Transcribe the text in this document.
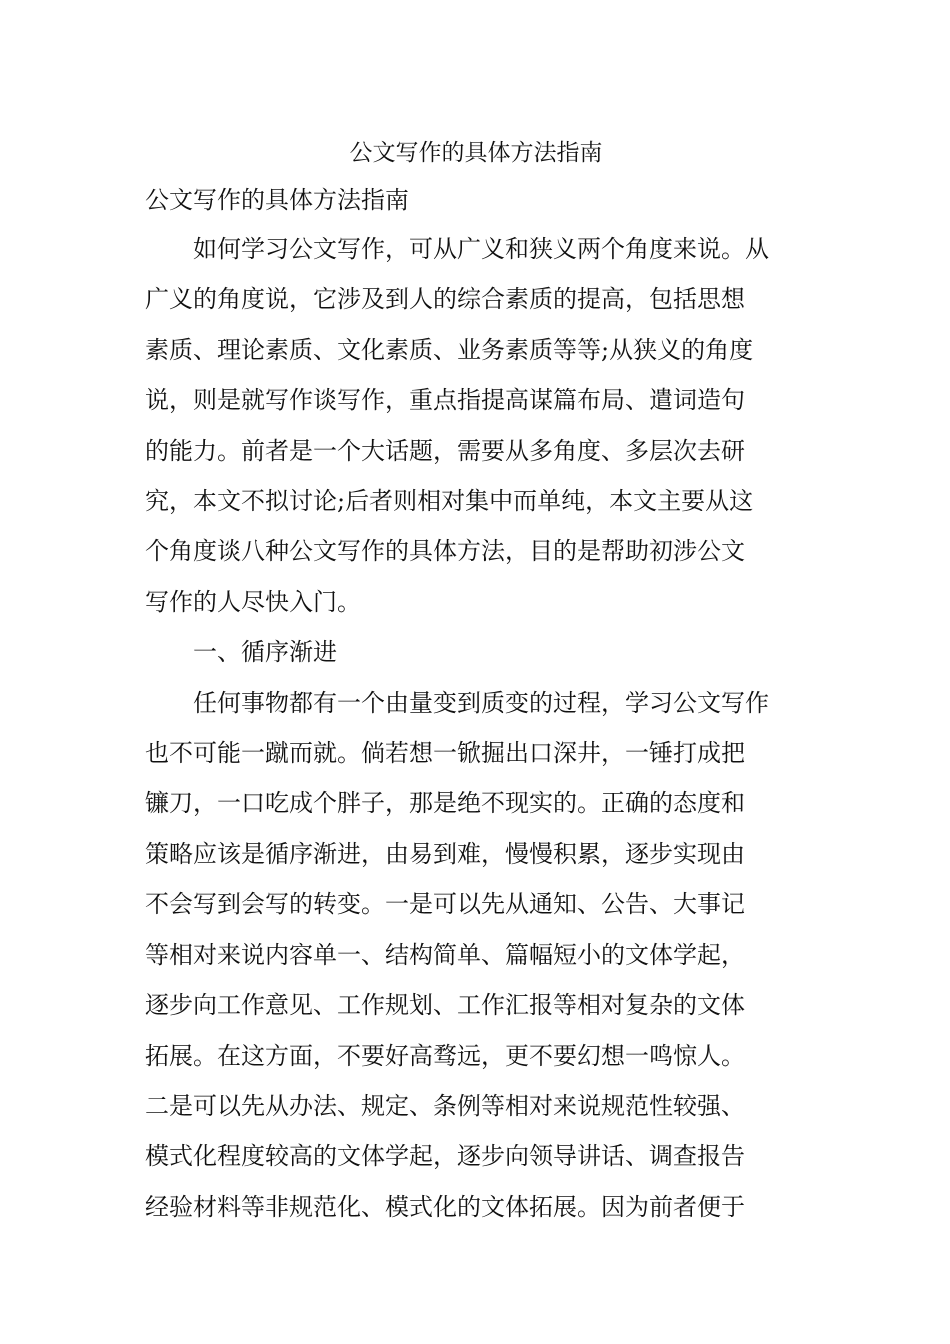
公文写作的具体方法指南
公文写作的具体方法指南

如何学习公文写作，可从广义和狭义两个角度来说。从
广义的角度说，它涉及到人的综合素质的提高，包括思想
素质、理论素质、文化素质、业务素质等等;从狭义的角度
说，则是就写作谈写作，重点指提高谋篇布局、遣词造句
的能力。前者是一个大话题，需要从多角度、多层次去研
究，本文不拟讨论;后者则相对集中而单纯，本文主要从这
个角度谈八种公文写作的具体方法，目的是帮助初涉公文
写作的人尽快入门。

一、循序渐进

任何事物都有一个由量变到质变的过程，学习公文写作
也不可能一蹴而就。倘若想一锨掘出口深井，一锤打成把
镰刀，一口吃成个胖子，那是绝不现实的。正确的态度和
策略应该是循序渐进，由易到难，慢慢积累，逐步实现由
不会写到会写的转变。一是可以先从通知、公告、大事记
等相对来说内容单一、结构简单、篇幅短小的文体学起，
逐步向工作意见、工作规划、工作汇报等相对复杂的文体
拓展。在这方面，不要好高骛远，更不要幻想一鸣惊人。
二是可以先从办法、规定、条例等相对来说规范性较强、
模式化程度较高的文体学起，逐步向领导讲话、调查报告
经验材料等非规范化、模式化的文体拓展。因为前者便于
